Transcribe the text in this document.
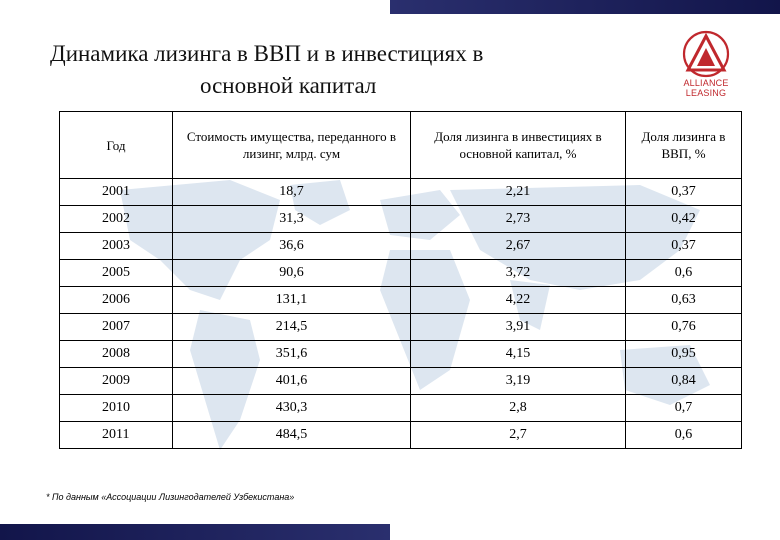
Динамика лизинга в ВВП и в инвестициях в
основной капитал	ALLIANCE LEASING
Год	Стоимость имущества, переданного в лизинг, млрд. сум	Доля лизинга в инвестициях в основной капитал, %	Доля лизинга в ВВП, %
2001	18,7	2,21	0,37
2002	31,3	2,73	0,42
2003	36,6	2,67	0,37
2005	90,6	3,72	0,6
2006	131,1	4,22	0,63
2007	214,5	3,91	0,76
2008	351,6	4,15	0,95
2009	401,6	3,19	0,84
2010	430,3	2,8	0,7
2011	484,5	2,7	0,6
* По данным «Ассоциации Лизингодателей Узбекистана»
